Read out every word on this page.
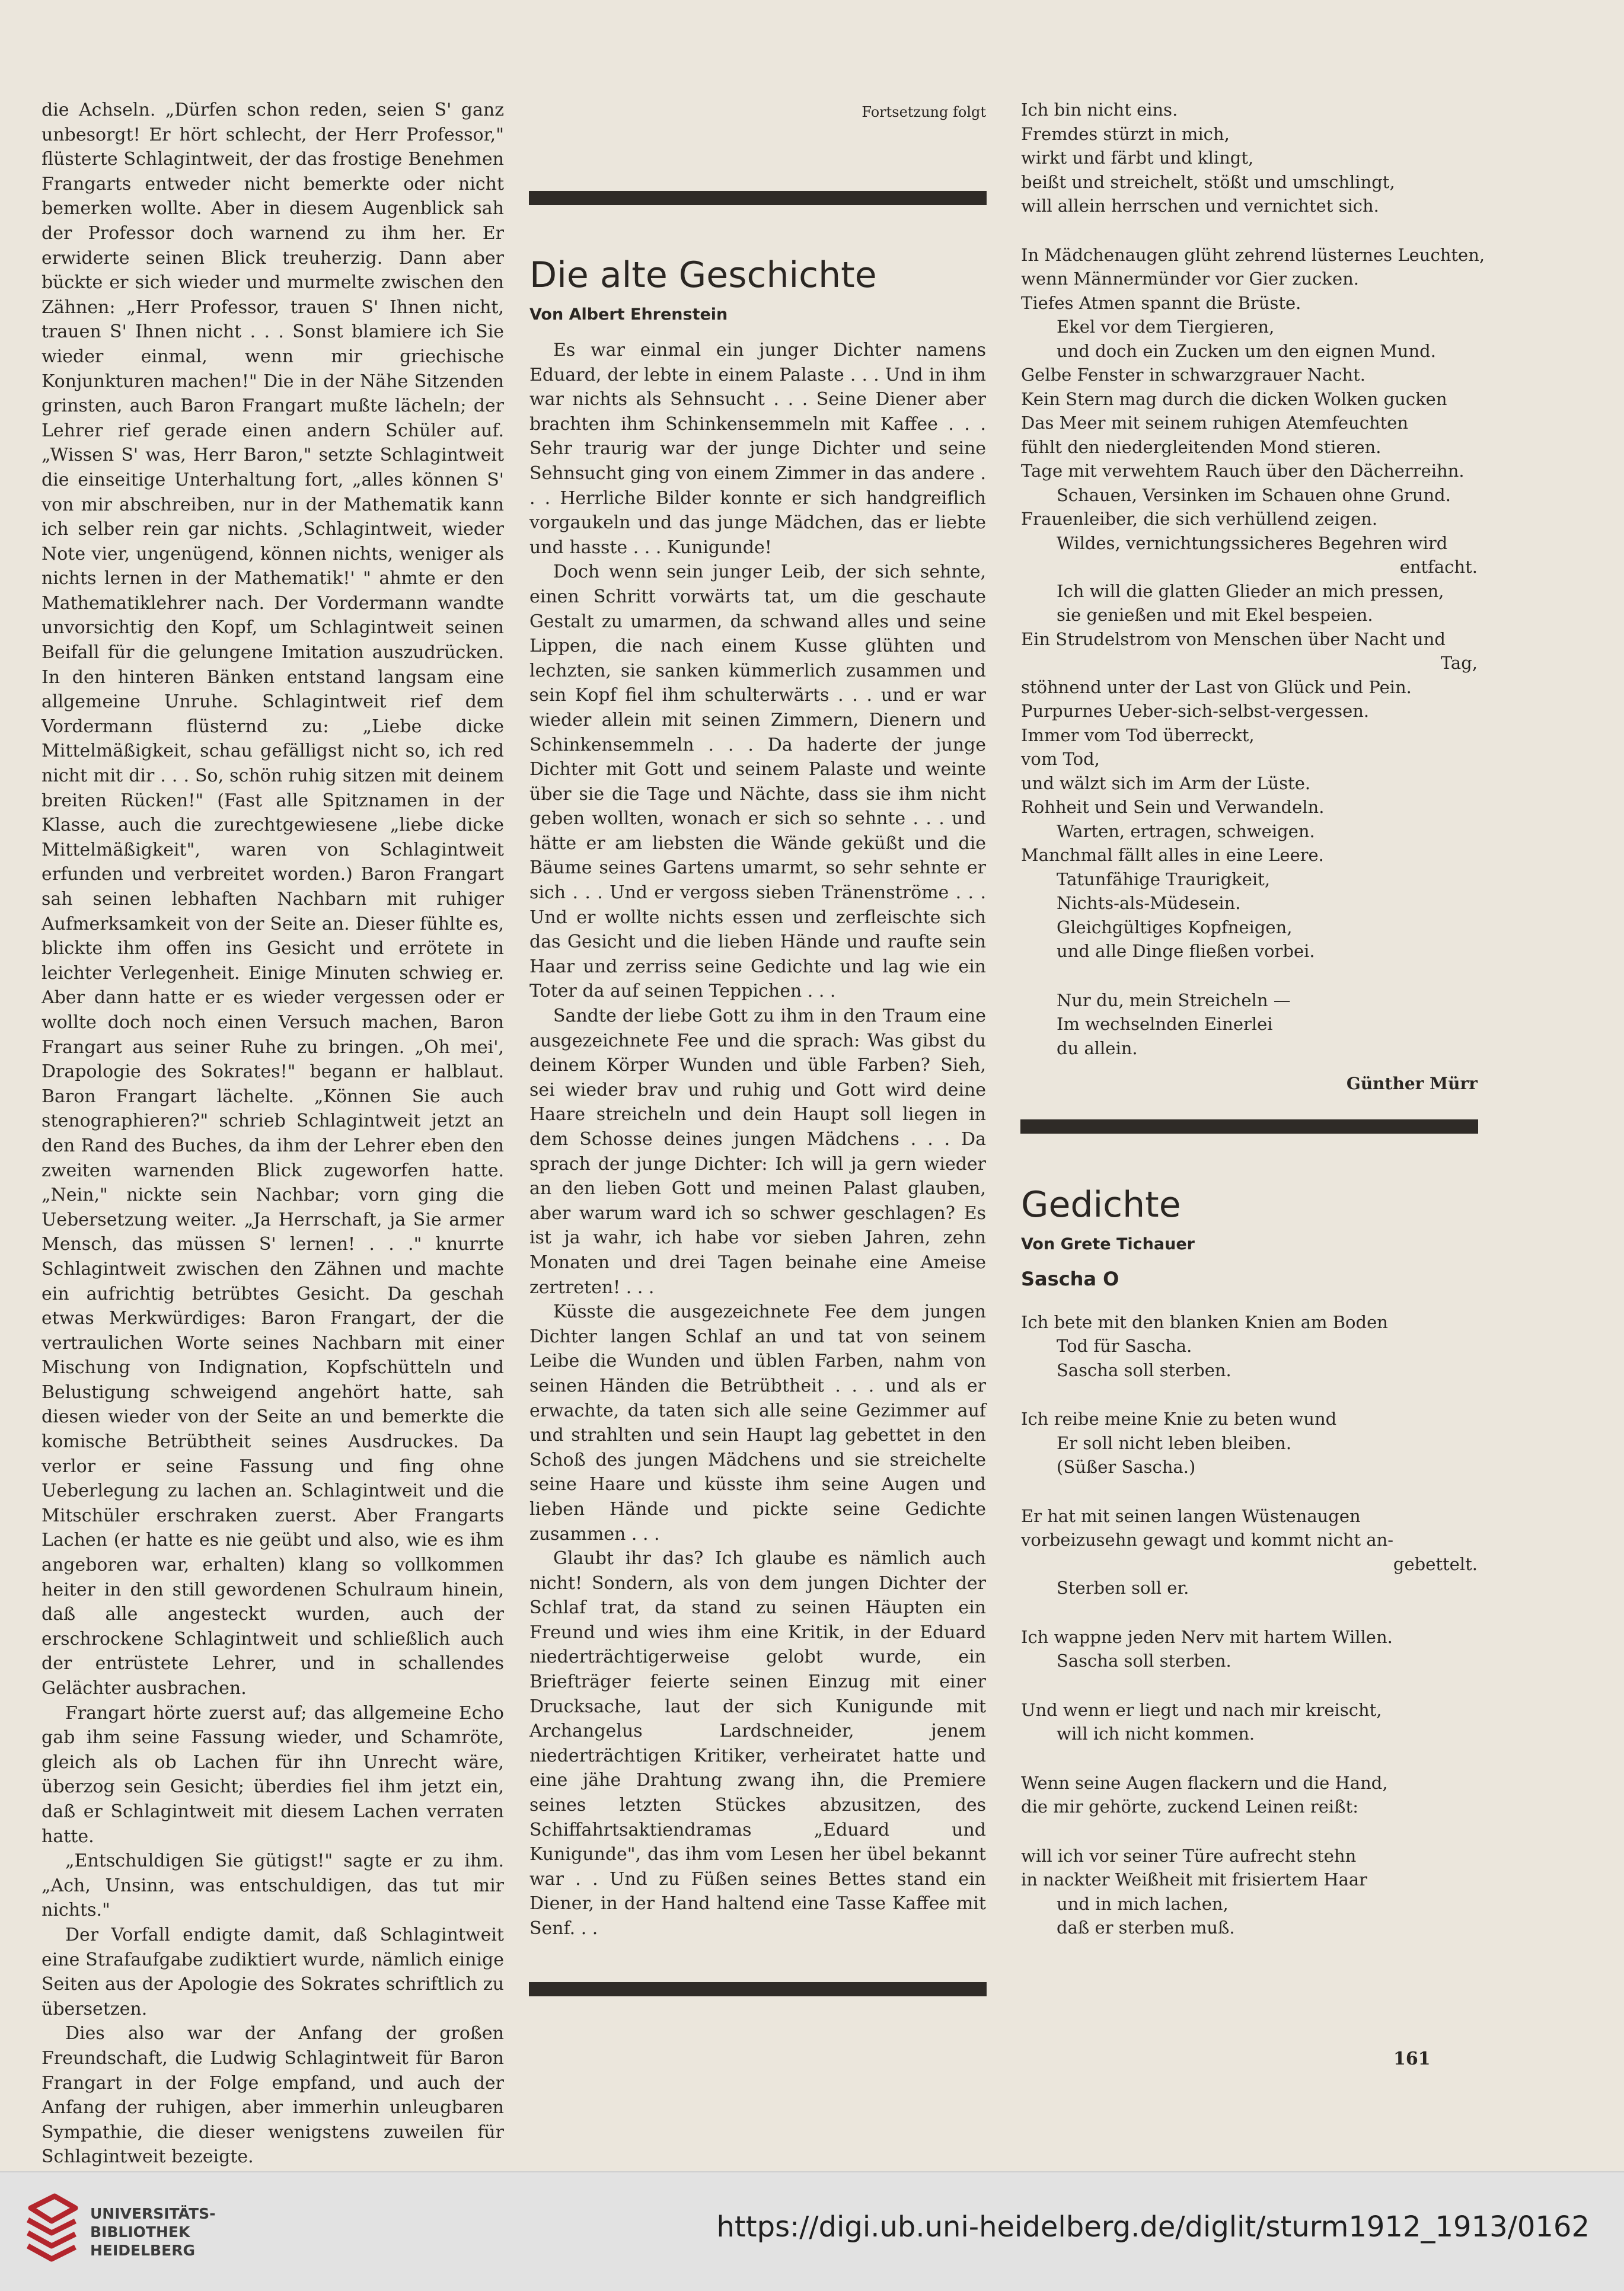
die Achseln. „Dürfen schon reden, seien S' ganz unbesorgt! Er hört schlecht, der Herr Professor," flüsterte Schlagintweit, der das frostige Benehmen Frangarts entweder nicht bemerkte oder nicht bemerken wollte. Aber in diesem Augenblick sah der Professor doch warnend zu ihm her. Er erwiderte seinen Blick treuherzig. Dann aber bückte er sich wieder und murmelte zwischen den Zähnen: „Herr Professor, trauen S' Ihnen nicht, trauen S' Ihnen nicht . . . Sonst blamiere ich Sie wieder einmal, wenn mir griechische Konjunkturen machen!" Die in der Nähe Sitzenden grinsten, auch Baron Frangart mußte lächeln; der Lehrer rief gerade einen andern Schüler auf. „Wissen S' was, Herr Baron," setzte Schlagintweit die einseitige Unterhaltung fort, „alles können S' von mir abschreiben, nur in der Mathematik kann ich selber rein gar nichts. ‚Schlagintweit, wieder Note vier, ungenügend, können nichts, weniger als nichts lernen in der Mathematik!' " ahmte er den Mathematiklehrer nach. Der Vordermann wandte unvorsichtig den Kopf, um Schlagintweit seinen Beifall für die gelungene Imitation auszudrücken. In den hinteren Bänken entstand langsam eine allgemeine Unruhe. Schlagintweit rief dem Vordermann flüsternd zu: „Liebe dicke Mittelmäßigkeit, schau gefälligst nicht so, ich red nicht mit dir . . . So, schön ruhig sitzen mit deinem breiten Rücken!" (Fast alle Spitznamen in der Klasse, auch die zurechtgewiesene „liebe dicke Mittelmäßigkeit", waren von Schlagintweit erfunden und verbreitet worden.) Baron Frangart sah seinen lebhaften Nachbarn mit ruhiger Aufmerksamkeit von der Seite an. Dieser fühlte es, blickte ihm offen ins Gesicht und errötete in leichter Verlegenheit. Einige Minuten schwieg er. Aber dann hatte er es wieder vergessen oder er wollte doch noch einen Versuch machen, Baron Frangart aus seiner Ruhe zu bringen. „Oh mei', Drapologie des Sokrates!" begann er halblaut. Baron Frangart lächelte. „Können Sie auch stenographieren?" schrieb Schlagintweit jetzt an den Rand des Buches, da ihm der Lehrer eben den zweiten warnenden Blick zugeworfen hatte. „Nein," nickte sein Nachbar; vorn ging die Uebersetzung weiter. „Ja Herrschaft, ja Sie armer Mensch, das müssen S' lernen! . . ." knurrte Schlagintweit zwischen den Zähnen und machte ein aufrichtig betrübtes Gesicht. Da geschah etwas Merkwürdiges: Baron Frangart, der die vertraulichen Worte seines Nachbarn mit einer Mischung von Indignation, Kopfschütteln und Belustigung schweigend angehört hatte, sah diesen wieder von der Seite an und bemerkte die komische Betrübtheit seines Ausdruckes. Da verlor er seine Fassung und fing ohne Ueberlegung zu lachen an. Schlagintweit und die Mitschüler erschraken zuerst. Aber Frangarts Lachen (er hatte es nie geübt und also, wie es ihm angeboren war, erhalten) klang so vollkommen heiter in den still gewordenen Schulraum hinein, daß alle angesteckt wurden, auch der erschrockene Schlagintweit und schließlich auch der entrüstete Lehrer, und in schallendes Gelächter ausbrachen.

Frangart hörte zuerst auf; das allgemeine Echo gab ihm seine Fassung wieder, und Schamröte, gleich als ob Lachen für ihn Unrecht wäre, überzog sein Gesicht; überdies fiel ihm jetzt ein, daß er Schlagintweit mit diesem Lachen verraten hatte.

„Entschuldigen Sie gütigst!" sagte er zu ihm. „Ach, Unsinn, was entschuldigen, das tut mir nichts."

Der Vorfall endigte damit, daß Schlagintweit eine Strafaufgabe zudiktiert wurde, nämlich einige Seiten aus der Apologie des Sokrates schriftlich zu übersetzen.

Dies also war der Anfang der großen Freundschaft, die Ludwig Schlagintweit für Baron Frangart in der Folge empfand, und auch der Anfang der ruhigen, aber immerhin unleugbaren Sympathie, die dieser wenigstens zuweilen für Schlagintweit bezeigte.

Fortsetzung folgt
Die alte Geschichte
Von Albert Ehrenstein

Es war einmal ein junger Dichter namens Eduard, der lebte in einem Palaste . . . Und in ihm war nichts als Sehnsucht . . . Seine Diener aber brachten ihm Schinkensemmeln mit Kaffee . . . Sehr traurig war der junge Dichter und seine Sehnsucht ging von einem Zimmer in das andere . . . Herrliche Bilder konnte er sich handgreiflich vorgaukeln und das junge Mädchen, das er liebte und hasste . . . Kunigunde!

Doch wenn sein junger Leib, der sich sehnte, einen Schritt vorwärts tat, um die geschaute Gestalt zu umarmen, da schwand alles und seine Lippen, die nach einem Kusse glühten und lechzten, sie sanken kümmerlich zusammen und sein Kopf fiel ihm schulterwärts . . . und er war wieder allein mit seinen Zimmern, Dienern und Schinkensemmeln . . . Da haderte der junge Dichter mit Gott und seinem Palaste und weinte über sie die Tage und Nächte, dass sie ihm nicht geben wollten, wonach er sich so sehnte . . . und hätte er am liebsten die Wände geküßt und die Bäume seines Gartens umarmt, so sehr sehnte er sich . . . Und er vergoss sieben Tränenströme . . . Und er wollte nichts essen und zerfleischte sich das Gesicht und die lieben Hände und raufte sein Haar und zerriss seine Gedichte und lag wie ein Toter da auf seinen Teppichen . . .

Sandte der liebe Gott zu ihm in den Traum eine ausgezeichnete Fee und die sprach: Was gibst du deinem Körper Wunden und üble Farben? Sieh, sei wieder brav und ruhig und Gott wird deine Haare streicheln und dein Haupt soll liegen in dem Schosse deines jungen Mädchens . . . Da sprach der junge Dichter: Ich will ja gern wieder an den lieben Gott und meinen Palast glauben, aber warum ward ich so schwer geschlagen? Es ist ja wahr, ich habe vor sieben Jahren, zehn Monaten und drei Tagen beinahe eine Ameise zertreten! . . .

Küsste die ausgezeichnete Fee dem jungen Dichter langen Schlaf an und tat von seinem Leibe die Wunden und üblen Farben, nahm von seinen Händen die Betrübtheit . . . und als er erwachte, da taten sich alle seine Gezimmer auf und strahlten und sein Haupt lag gebettet in den Schoß des jungen Mädchens und sie streichelte seine Haare und küsste ihm seine Augen und lieben Hände und pickte seine Gedichte zusammen . . .

Glaubt ihr das? Ich glaube es nämlich auch nicht! Sondern, als von dem jungen Dichter der Schlaf trat, da stand zu seinen Häupten ein Freund und wies ihm eine Kritik, in der Eduard niederträchtigerweise gelobt wurde, ein Briefträger feierte seinen Einzug mit einer Drucksache, laut der sich Kunigunde mit Archangelus Lardschneider, jenem niederträchtigen Kritiker, verheiratet hatte und eine jähe Drahtung zwang ihn, die Premiere seines letzten Stückes abzusitzen, des Schiffahrtsaktiendramas „Eduard und Kunigunde", das ihm vom Lesen her übel bekannt war . . Und zu Füßen seines Bettes stand ein Diener, in der Hand haltend eine Tasse Kaffee mit Senf. . .

Ich bin nicht eins.
Fremdes stürzt in mich,
wirkt und färbt und klingt,
beißt und streichelt, stößt und umschlingt,
will allein herrschen und vernichtet sich.
In Mädchenaugen glüht zehrend lüsternes Leuchten,
wenn Männermünder vor Gier zucken.
Tiefes Atmen spannt die Brüste.
Ekel vor dem Tiergieren,
und doch ein Zucken um den eignen Mund.
Gelbe Fenster in schwarzgrauer Nacht.
Kein Stern mag durch die dicken Wolken gucken
Das Meer mit seinem ruhigen Atemfeuchten
fühlt den niedergleitenden Mond stieren.
Tage mit verwehtem Rauch über den Dächerreihn.
Schauen, Versinken im Schauen ohne Grund.
Frauenleiber, die sich verhüllend zeigen.
Wildes, vernichtungssicheres Begehren wird
entfacht.
Ich will die glatten Glieder an mich pressen,
sie genießen und mit Ekel bespeien.
Ein Strudelstrom von Menschen über Nacht und
Tag,
stöhnend unter der Last von Glück und Pein.
Purpurnes Ueber-sich-selbst-vergessen.
Immer vom Tod überreckt,
vom Tod,
und wälzt sich im Arm der Lüste.
Rohheit und Sein und Verwandeln.
Warten, ertragen, schweigen.
Manchmal fällt alles in eine Leere.
Tatunfähige Traurigkeit,
Nichts-als-Müdesein.
Gleichgültiges Kopfneigen,
und alle Dinge fließen vorbei.
Nur du, mein Streicheln —
Im wechselnden Einerlei
du allein.
Günther Mürr
Gedichte
Von Grete Tichauer
Sascha O
Ich bete mit den blanken Knien am Boden
Tod für Sascha.
Sascha soll sterben.
Ich reibe meine Knie zu beten wund
Er soll nicht leben bleiben.
(Süßer Sascha.)
Er hat mit seinen langen Wüstenaugen
vorbeizusehn gewagt und kommt nicht an-
gebettelt.
Sterben soll er.
Ich wappne jeden Nerv mit hartem Willen.
Sascha soll sterben.
Und wenn er liegt und nach mir kreischt,
will ich nicht kommen.
Wenn seine Augen flackern und die Hand,
die mir gehörte, zuckend Leinen reißt:
will ich vor seiner Türe aufrecht stehn
in nackter Weißheit mit frisiertem Haar
und in mich lachen,
daß er sterben muß.
161
UNIVERSITÄTS-
BIBLIOTHEK
HEIDELBERG
https://digi.ub.uni-heidelberg.de/diglit/sturm1912_1913/0162
